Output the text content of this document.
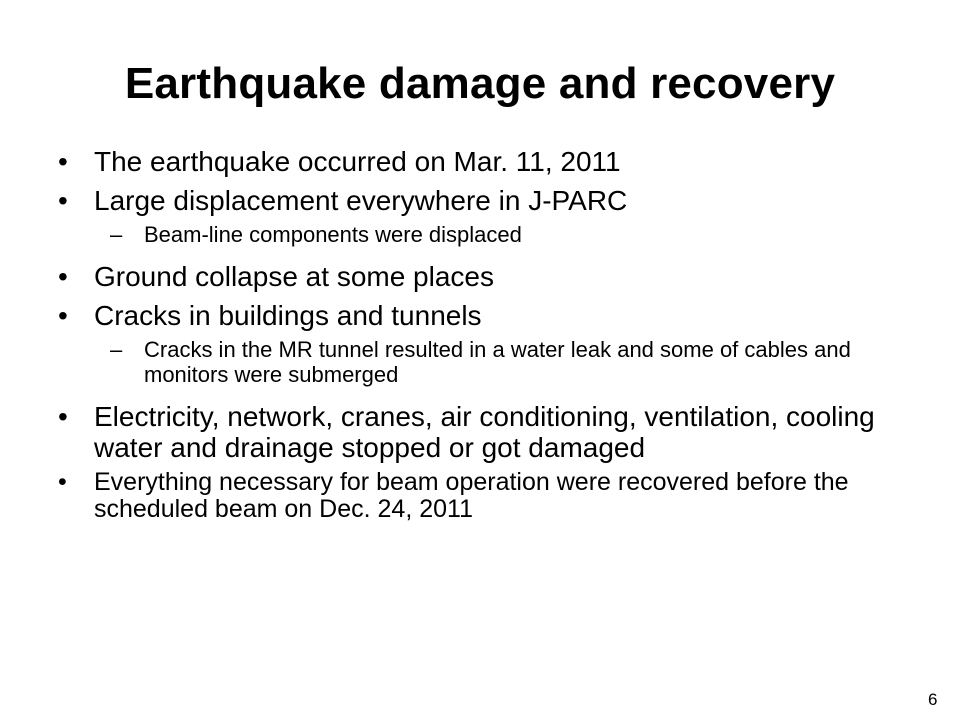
Earthquake damage and recovery
• The earthquake occurred on Mar. 11, 2011
• Large displacement everywhere in J-PARC
– Beam-line components were displaced
• Ground collapse at some places
• Cracks in buildings and tunnels
– Cracks in the MR tunnel resulted in a water leak and some of cables and monitors were submerged
• Electricity, network, cranes, air conditioning, ventilation, cooling water and drainage stopped or got damaged
•	Everything necessary for beam operation were recovered before the scheduled beam on Dec. 24, 2011
6
